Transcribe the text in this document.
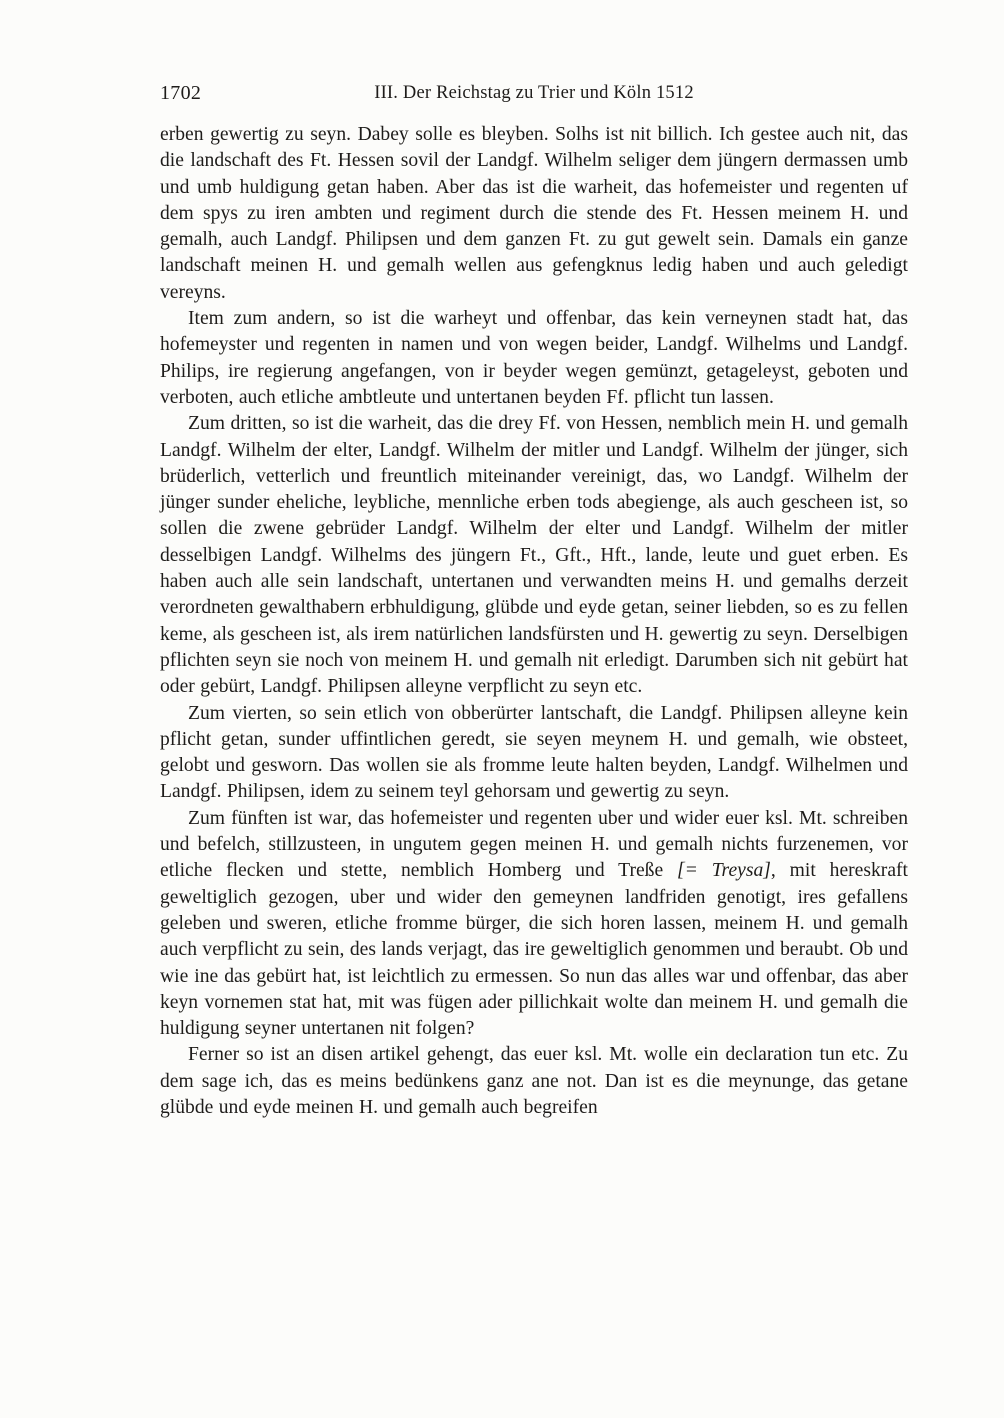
1702	III. Der Reichstag zu Trier und Köln 1512

erben gewertig zu seyn. Dabey solle es bleyben. Solhs ist nit billich. Ich gestee auch nit, das die landschaft des Ft. Hessen sovil der Landgf. Wilhelm seliger dem jüngern dermassen umb und umb huldigung getan haben. Aber das ist die warheit, das hofemeister und regenten uf dem spys zu iren ambten und regiment durch die stende des Ft. Hessen meinem H. und gemalh, auch Landgf. Philipsen und dem ganzen Ft. zu gut gewelt sein. Damals ein ganze landschaft meinen H. und gemalh wellen aus gefengknus ledig haben und auch geledigt vereyns.

Item zum andern, so ist die warheyt und offenbar, das kein verneynen stadt hat, das hofemeyster und regenten in namen und von wegen beider, Landgf. Wilhelms und Landgf. Philips, ire regierung angefangen, von ir beyder wegen gemünzt, getageleyst, geboten und verboten, auch etliche ambtleute und untertanen beyden Ff. pflicht tun lassen.

Zum dritten, so ist die warheit, das die drey Ff. von Hessen, nemblich mein H. und gemalh Landgf. Wilhelm der elter, Landgf. Wilhelm der mitler und Landgf. Wilhelm der jünger, sich brüderlich, vetterlich und freuntlich miteinander vereinigt, das, wo Landgf. Wilhelm der jünger sunder eheliche, leybliche, mennliche erben tods abegienge, als auch gescheen ist, so sollen die zwene gebrüder Landgf. Wilhelm der elter und Landgf. Wilhelm der mitler desselbigen Landgf. Wilhelms des jüngern Ft., Gft., Hft., lande, leute und guet erben. Es haben auch alle sein landschaft, untertanen und verwandten meins H. und gemalhs derzeit verordneten gewalthabern erbhuldigung, glübde und eyde getan, seiner liebden, so es zu fellen keme, als gescheen ist, als irem natürlichen landsfürsten und H. gewertig zu seyn. Derselbigen pflichten seyn sie noch von meinem H. und gemalh nit erledigt. Darumben sich nit gebürt hat oder gebürt, Landgf. Philipsen alleyne verpflicht zu seyn etc.

Zum vierten, so sein etlich von obberürter lantschaft, die Landgf. Philipsen alleyne kein pflicht getan, sunder uffintlichen geredt, sie seyen meynem H. und gemalh, wie obsteet, gelobt und gesworn. Das wollen sie als fromme leute halten beyden, Landgf. Wilhelmen und Landgf. Philipsen, idem zu seinem teyl gehorsam und gewertig zu seyn.

Zum fünften ist war, das hofemeister und regenten uber und wider euer ksl. Mt. schreiben und befelch, stillzusteen, in ungutem gegen meinen H. und gemalh nichts furzenemen, vor etliche flecken und stette, nemblich Homberg und Treße [= Treysa], mit hereskraft geweltiglich gezogen, uber und wider den gemeynen landfriden genotigt, ires gefallens geleben und sweren, etliche fromme bürger, die sich horen lassen, meinem H. und gemalh auch verpflicht zu sein, des lands verjagt, das ire geweltiglich genommen und beraubt. Ob und wie ine das gebürt hat, ist leichtlich zu ermessen. So nun das alles war und offenbar, das aber keyn vornemen stat hat, mit was fügen ader pillichkait wolte dan meinem H. und gemalh die huldigung seyner untertanen nit folgen?

Ferner so ist an disen artikel gehengt, das euer ksl. Mt. wolle ein declaration tun etc. Zu dem sage ich, das es meins bedünkens ganz ane not. Dan ist es die meynunge, das getane glübde und eyde meinen H. und gemalh auch begreifen
